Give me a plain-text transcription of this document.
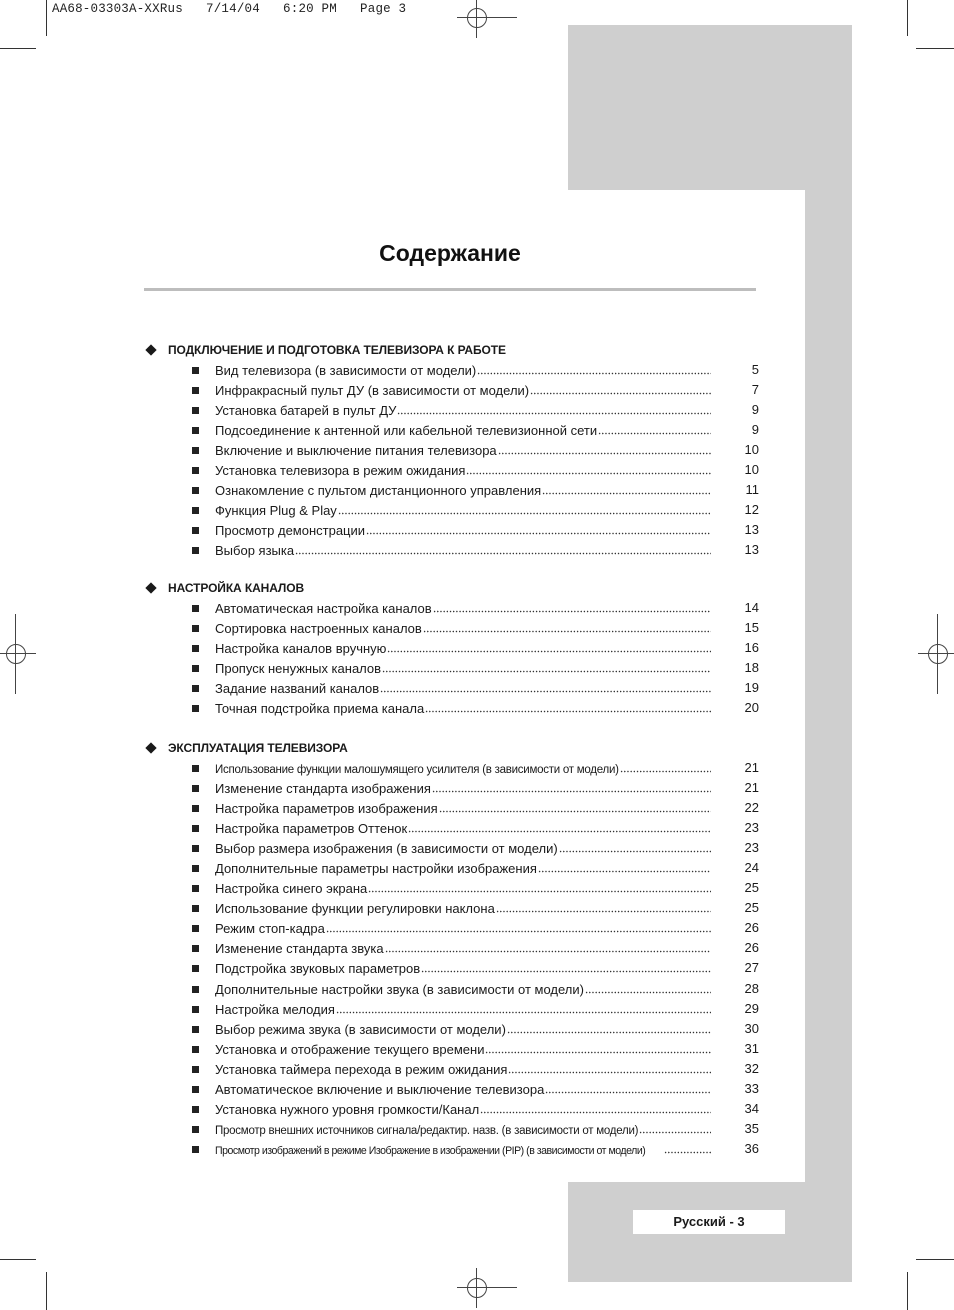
AA68-03303A-XXRus   7/14/04   6:20 PM   Page 3
Содержание
ПОДКЛЮЧЕНИЕ И ПОДГОТОВКА ТЕЛЕВИЗОРА К РАБОТЕ
Вид телевизора (в зависимости от модели)	5
Инфракрасный пульт ДУ (в зависимости от модели)	7
Установка батарей в пульт ДУ	9
Подсоединение к антенной или кабельной телевизионной сети	9
Включение и выключение питания телевизора	10
Установка телевизора в режим ожидания	10
Ознакомление с пультом дистанционного управления	11
Функция Plug & Play	12
Просмотр демонстрации	13
Выбор языка	13
НАСТРОЙКА КАНАЛОВ
Автоматическая настройка каналов	14
Сортировка настроенных каналов	15
Настройка каналов вручную	16
Пропуск ненужных каналов	18
Задание названий каналов	19
Точная подстройка приема канала	20
ЭКСПЛУАТАЦИЯ ТЕЛЕВИЗОРА
Использование функции малошумящего усилителя (в зависимости от модели)	21
Изменение стандарта изображения	21
Настройка параметров изображения	22
Настройка параметров Оттенок	23
Выбор размера изображения (в зависимости от модели)	23
Дополнительные параметры настройки изображения	24
Настройка синего экрана	25
Использование функции регулировки наклона	25
Режим стоп-кадра	26
Изменение стандарта звука	26
Подстройка звуковых параметров	27
Дополнительные настройки звука (в зависимости от модели)	28
Настройка мелодия	29
Выбор режима звука (в зависимости от модели)	30
Установка и отображение текущего времени	31
Установка таймера перехода в режим ожидания	32
Автоматическое включение и выключение телевизора	33
Установка нужного уровня громкости/Канал	34
Просмотр внешних источников сигнала/редактир. назв. (в зависимости от модели)	35
Просмотр изображений в режиме Изображение в изображении (PIP) (в зависимости от модели)	36
Русский - 3
